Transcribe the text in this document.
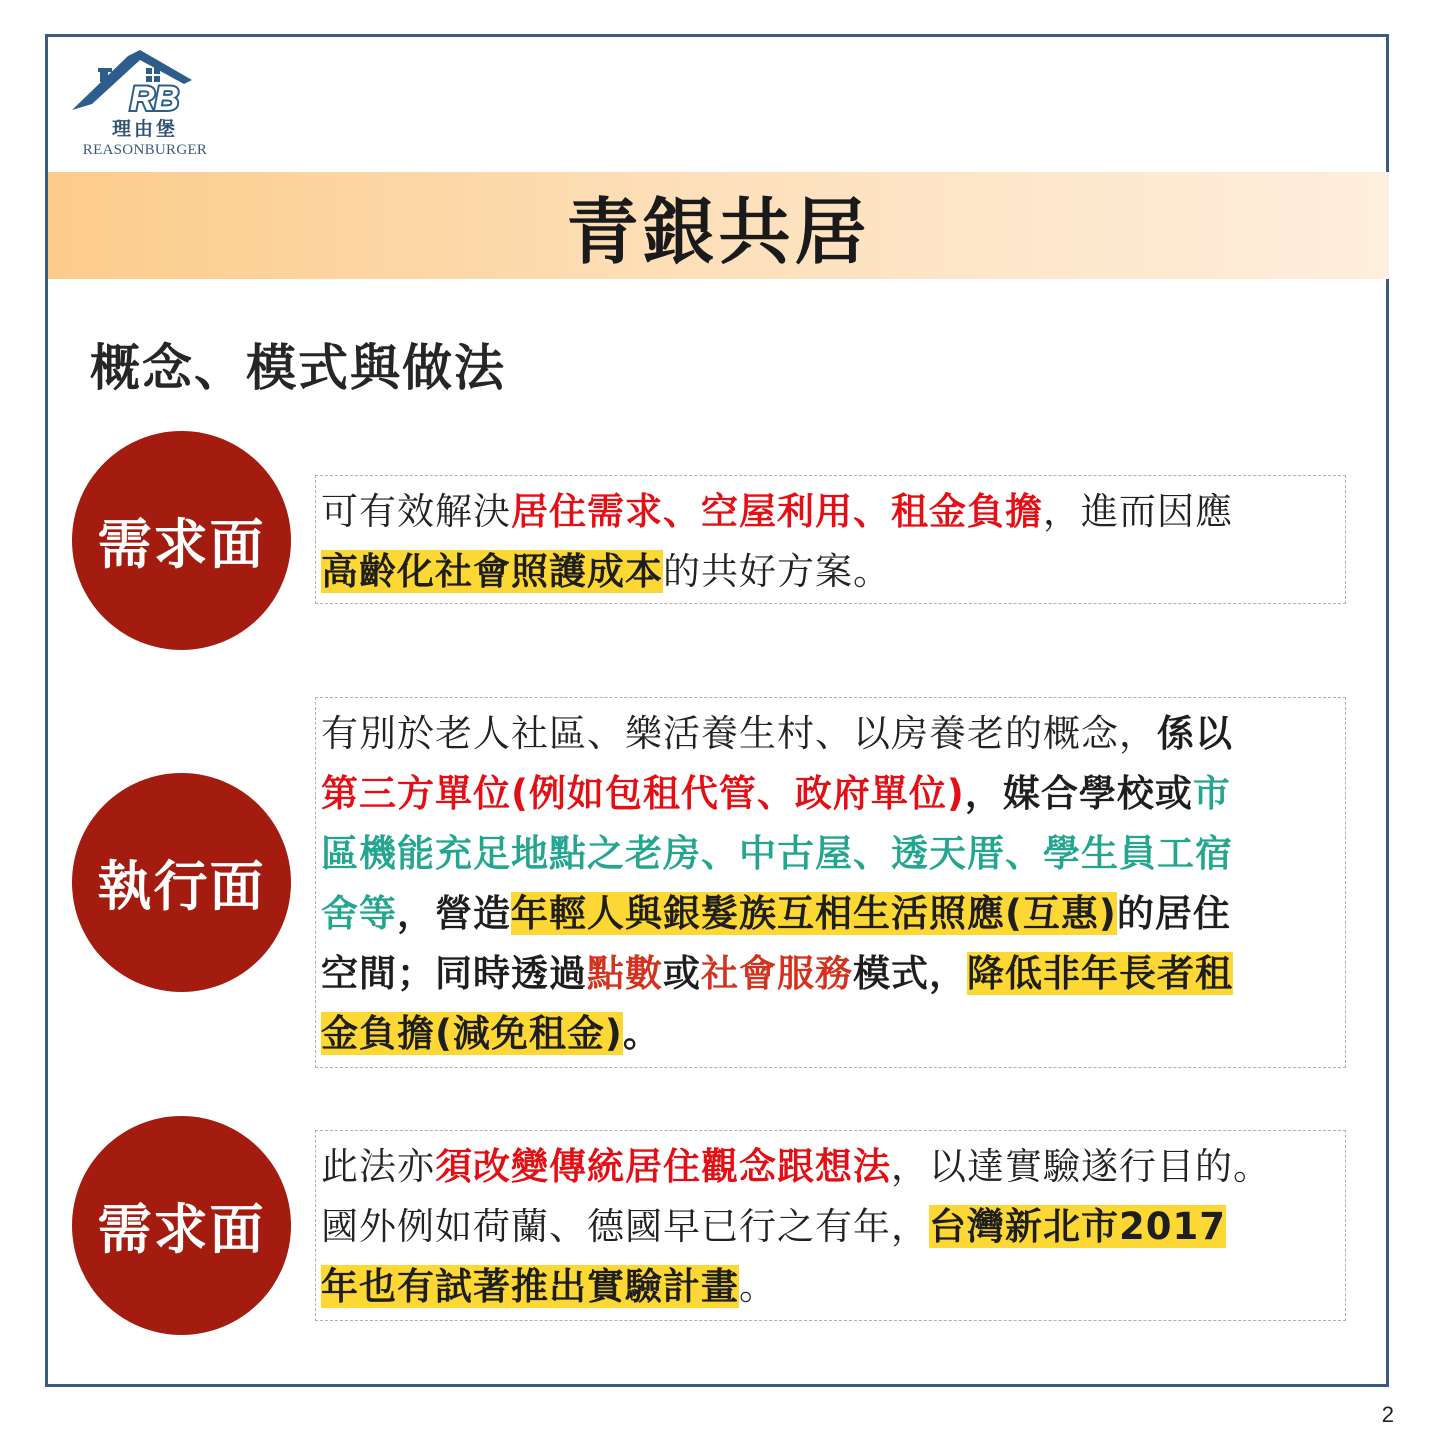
RB
理由堡
REASONBURGER
青銀共居
概念、模式與做法
需求面

可有效解決居住需求、空屋利用、租金負擔，進而因應

高齡化社會照護成本的共好方案。

執行面

有別於老人社區、樂活養生村、以房養老的概念，係以

第三方單位(例如包租代管、政府單位)，媒合學校或市

區機能充足地點之老房、中古屋、透天厝、學生員工宿

舍等，營造年輕人與銀髮族互相生活照應(互惠)的居住

空間；同時透過點數或社會服務模式，降低非年長者租

金負擔(減免租金)。

需求面

此法亦須改變傳統居住觀念跟想法，以達實驗遂行目的。

國外例如荷蘭、德國早已行之有年，台灣新北市2017

年也有試著推出實驗計畫。

2
